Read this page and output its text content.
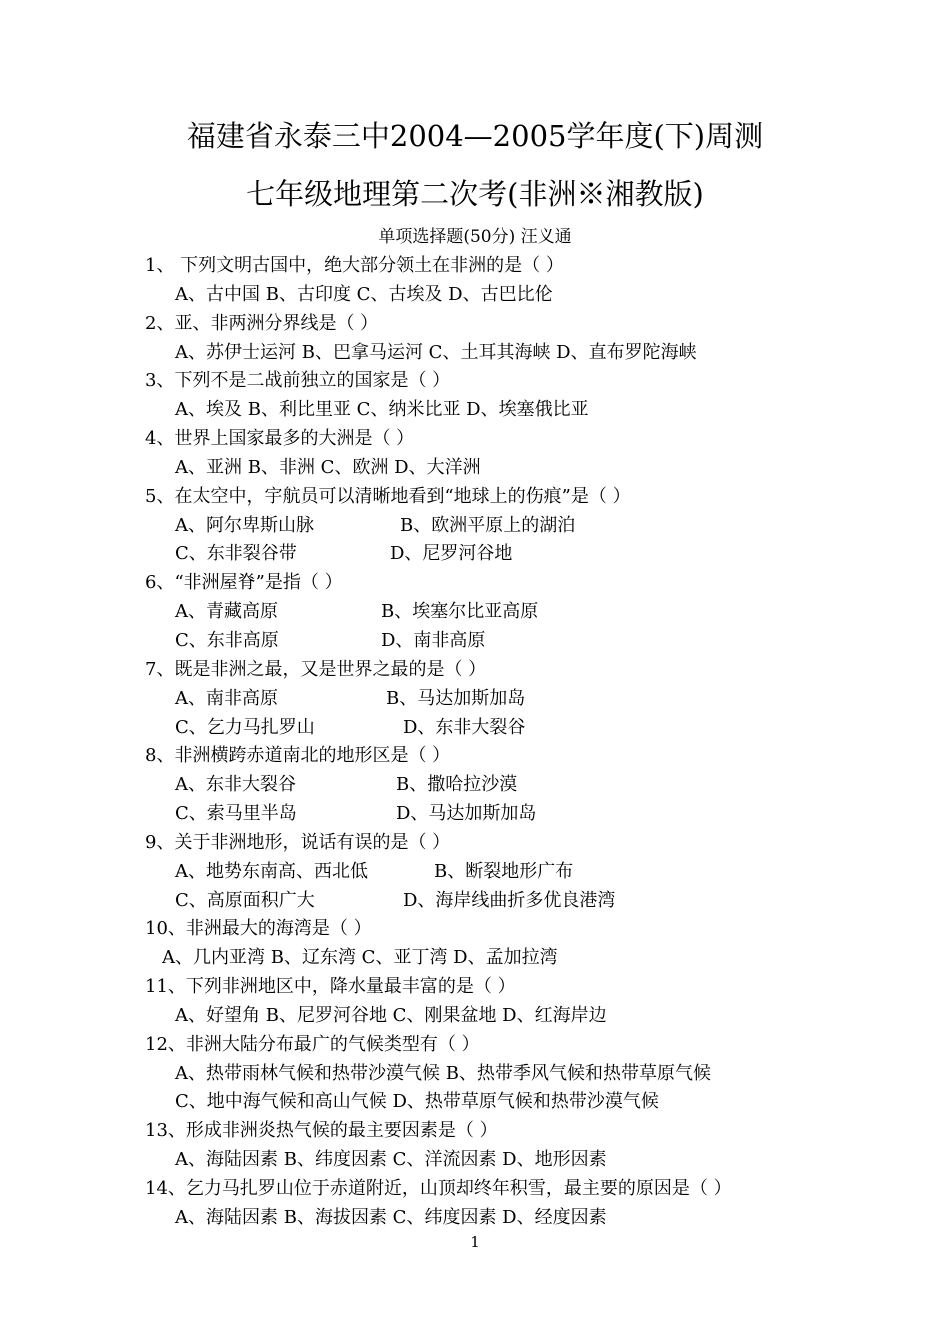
福建省永泰三中2004—2005学年度(下)周测
七年级地理第二次考(非洲※湘教版)
单项选择题(50分) 汪义通
1、 下列文明古国中，绝大部分领土在非洲的是（ ）
A、古中国 B、古印度 C、古埃及 D、古巴比伦
2、亚、非两洲分界线是（ ）
A、苏伊士运河 B、巴拿马运河 C、土耳其海峡 D、直布罗陀海峡
3、下列不是二战前独立的国家是（ ）
A、埃及 B、利比里亚 C、纳米比亚 D、埃塞俄比亚
4、世界上国家最多的大洲是（ ）
A、亚洲 B、非洲 C、欧洲 D、大洋洲
5、在太空中，宇航员可以清晰地看到“地球上的伤痕”是（ ）
A、阿尔卑斯山脉	B、欧洲平原上的湖泊
C、东非裂谷带	D、尼罗河谷地
6、“非洲屋脊”是指（ ）
A、青藏高原	B、埃塞尔比亚高原
C、东非高原	D、南非高原
7、既是非洲之最，又是世界之最的是（ ）
A、南非高原	B、马达加斯加岛
C、乞力马扎罗山	D、东非大裂谷
8、非洲横跨赤道南北的地形区是（ ）
A、东非大裂谷	B、撒哈拉沙漠
C、索马里半岛	D、马达加斯加岛
9、关于非洲地形，说话有误的是（ ）
A、地势东南高、西北低	B、断裂地形广布
C、高原面积广大	D、海岸线曲折多优良港湾
10、非洲最大的海湾是（ ）
A、几内亚湾 B、辽东湾 C、亚丁湾 D、孟加拉湾
11、下列非洲地区中，降水量最丰富的是（ ）
A、好望角 B、尼罗河谷地 C、刚果盆地 D、红海岸边
12、非洲大陆分布最广的气候类型有（ ）
A、热带雨林气候和热带沙漠气候 B、热带季风气候和热带草原气候
C、地中海气候和高山气候 D、热带草原气候和热带沙漠气候
13、形成非洲炎热气候的最主要因素是（ ）
A、海陆因素 B、纬度因素 C、洋流因素 D、地形因素
14、乞力马扎罗山位于赤道附近，山顶却终年积雪，最主要的原因是（ ）
A、海陆因素 B、海拔因素 C、纬度因素 D、经度因素
1
